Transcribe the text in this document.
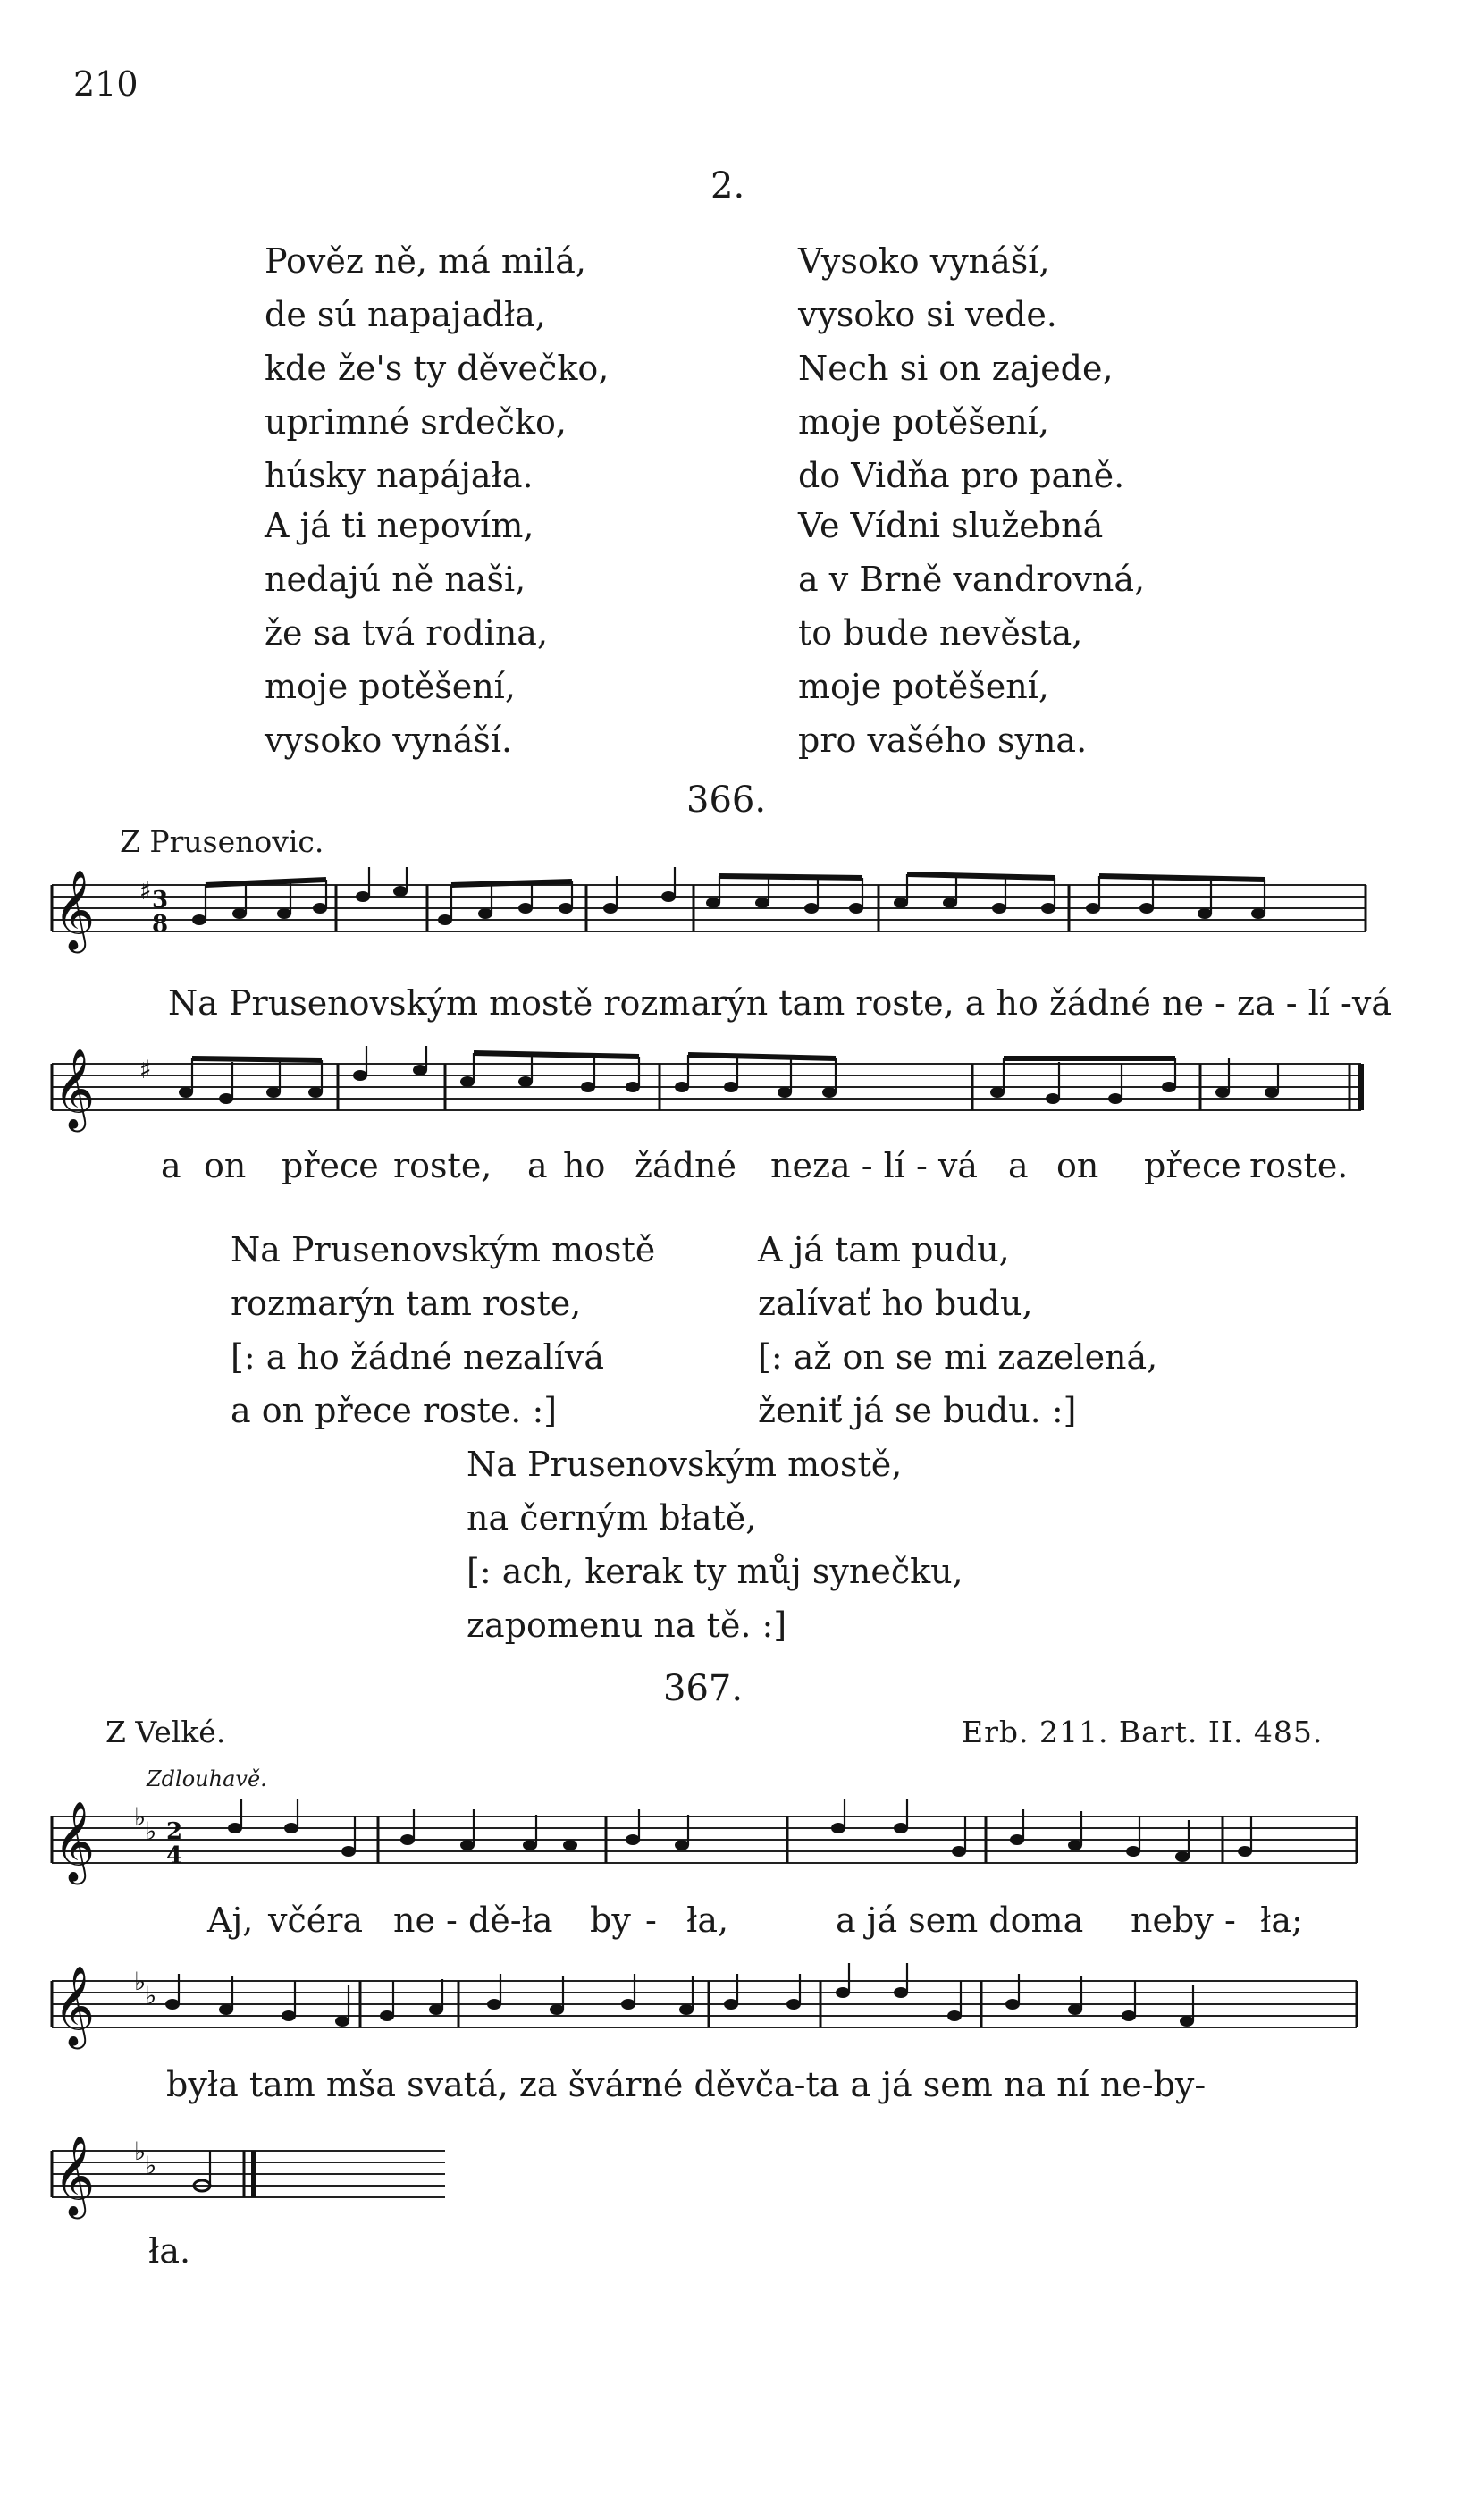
210
2.
Pověz ně, má milá,
de sú napajadła,
kde že's ty děvečko,
uprimné srdečko,
húsky napájała.
A já ti nepovím,
nedajú ně naši,
že sa tvá rodina,
moje potěšení,
vysoko vynáší.
Vysoko vynáší,
vysoko si vede.
Nech si on zajede,
moje potěšení,
do Vidňa pro paně.
Ve Vídni služebná
a v Brně vandrovná,
to bude nevěsta,
moje potěšení,
pro vašého syna.
366.
Z Prusenovic.
𝄞 ♯ 3
8
Na Prusenovským mostě rozmarýn tam roste, a ho žádné ne - za - lí -vá
𝄞 ♯
a on přece roste, a ho žádné neza - lí - vá a on přece roste.
Na Prusenovským mostě
rozmarýn tam roste,
[: a ho žádné nezalívá
a on přece roste. :]
A já tam pudu,
zalívať ho budu,
[: až on se mi zazelená,
ženiť já se budu. :]
Na Prusenovským mostě,
na černým błatě,
[: ach, kerak ty můj synečku,
zapomenu na tě. :]
367.
Z Velké.	Erb. 211. Bart. II. 485.
Zdlouhavě.
𝄞 ♭
♭ 2
4
Aj, včéra ne - dě-ła by - ła,	a já sem doma neby - ła;
𝄞 ♭
♭
była tam mša svatá, za švárné děvča-ta a já sem na ní ne-by-
𝄞 ♭
♭
ła.
